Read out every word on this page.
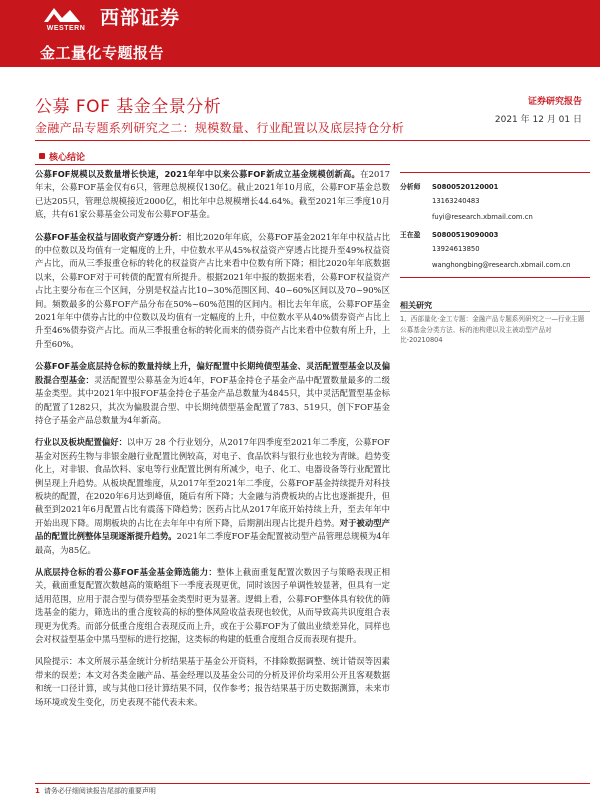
WESTERN 西部证券
金工量化专题报告
公募 FOF 基金全景分析
金融产品专题系列研究之二：规模数量、行业配置以及底层持仓分析
证券研究报告
2021 年 12 月 01 日
核心结论

公募FOF规模以及数量增长快速，2021年年中以来公募FOF新成立基金规模创新高。在2017年末，公募FOF基金仅有6只，管理总规模仅130亿。截止2021年10月底，公募FOF基金总数已达205只，管理总规模接近2000亿，相比年中总规模增长44.64%。截至2021年三季度10月底，共有61家公募基金公司发布公募FOF基金。

公募FOF基金权益与固收资产穿透分析：相比2020年年底，公募FOF基金2021年年中权益占比的中位数以及均值有一定幅度的上升，中位数水平从45%权益资产穿透占比提升至49%权益资产占比，而从三季报重仓标的转化的权益资产占比来看中位数有所下降；相比2020年年底数据以来，公募FOF对于可转债的配置有所提升。根据2021年中报的数据来看，公募FOF权益资产占比主要分布在三个区间，分别是权益占比10~30%范围区间、40~60%区间以及70~90%区间。频数最多的公募FOF产品分布在50%~60%范围的区间内。相比去年年底，公募FOF基金2021年年中债券占比的中位数以及均值有一定幅度的上升，中位数水平从40%债券资产占比上升至46%债券资产占比。而从三季报重仓标的转化而来的债券资产占比来看中位数有所上升，上升至60%。

公募FOF基金底层持仓标的数量持续上升，偏好配置中长期纯债型基金、灵活配置型基金以及偏股混合型基金：灵活配置型公募基金为近4年，FOF基金持仓子基金产品中配置数量最多的二级基金类型。其中2021年中报FOF基金持仓子基金产品总数量为4845只，其中灵活配置型基金标的配置了1282只，其次为偏股混合型、中长期纯债型基金配置了783、519只，创下FOF基金持仓子基金产品总数量为4年新高。

行业以及板块配置偏好：以申万 28 个行业划分，从2017年四季度至2021年二季度，公募FOF基金对医药生物与非银金融行业配置比例较高，对电子、食品饮料与银行业也较为青睐。趋势变化上，对非银、食品饮料、家电等行业配置比例有所减少，电子、化工、电器设备等行业配置比例呈现上升趋势。从板块配置维度，从2017年至2021年二季度，公募FOF基金持续提升对科技板块的配置，在2020年6月达到峰值，随后有所下降；大金融与消费板块的占比也逐渐提升，但截至到2021年6月配置占比有震荡下降趋势；医药占比从2017年底开始持续上升，至去年年中开始出现下降。周期板块的占比在去年年中有所下降，后期割出现占比提升趋势。对于被动型产品的配置比例整体呈现逐渐提升趋势。2021年二季度FOF基金配置被动型产品管理总规模为4年最高，为85亿。

从底层持仓标的看公募FOF基金基金筛选能力：整体上截面重复配置次数因子与策略表现正相关，截面重复配置次数越高的策略组下一季度表现更优，同时该因子单调性较显著，但具有一定适用范围，应用于混合型与债券型基金类型时更为显著。逻辑上看，公募FOF整体具有较优的筛选基金的能力，筛选出的重合度较高的标的整体风险收益表现也较优，从而导致高共识度组合表现更为优秀。而部分低重合度组合表现反而上升，或在于公募FOF为了做出业绩差异化，同样也会对权益型基金中黑马型标的进行挖掘，这类标的构建的低重合度组合反而表现有提升。

风险提示：本文所展示基金统计分析结果基于基金公开资料，不排除数据调整、统计错误等因素带来的误差；本文对各类金融产品、基金经理以及基金公司的分析及评价均采用公开且客观数据和统一口径计算，或与其他口径计算结果不同，仅作参考；报告结果基于历史数据测算，未来市场环境或发生变化，历史表现不能代表未来。

分析师 S0800520120001
13163240483
fuyi@research.xbmail.com.cn
王在盈 S0800519090003
13924613850
wanghongbing@research.xbmail.com.cn
相关研究
1、西部量化·金工专题：金融产品专题系列研究之一—行业主题公募基金分类方法、标的池构建以及主被动型产品对比-20210804
1 请务必仔细阅读报告尾部的重要声明
